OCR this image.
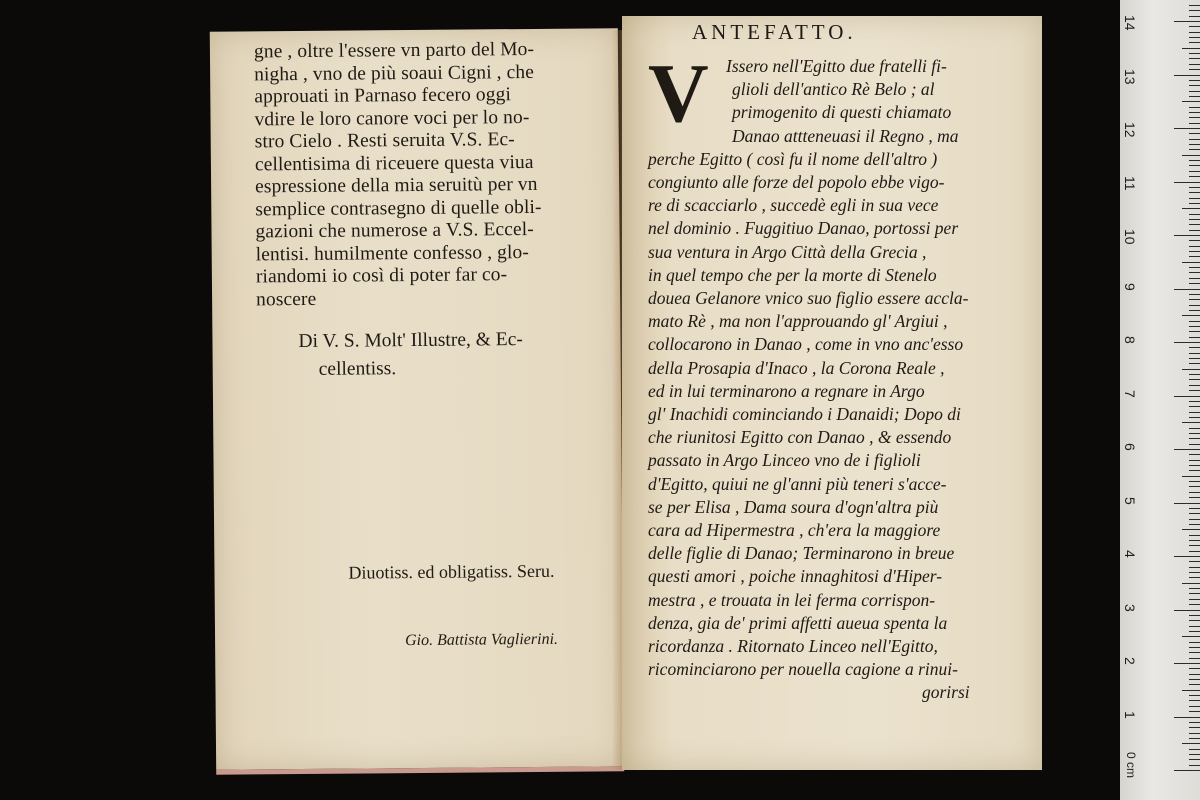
gne , oltre l'essere vn parto del Mo-
nigha , vno de più soaui Cigni , che
approuati in Parnaso fecero oggi
vdire le loro canore voci per lo no-
stro Cielo . Resti seruita V.S. Ec-
cellentisima di riceuere questa viua
espressione della mia seruitù per vn
semplice contrasegno di quelle obli-
gazioni che numerose a V.S. Eccel-
lentisi. humilmente confesso , glo-
riandomi io così di poter far co-
noscere
Di V. S. Molt' Illustre, & Ec-
cellentiss.
Diuotiss. ed obligatiss. Seru.
Gio. Battista Vaglierini.
ANTEFATTO.
V Issero nell'Egitto due fratelli fi-
glioli dell'antico Rè Belo ; al
primogenito di questi chiamato
Danao attteneuasi il Regno , ma
perche Egitto ( così fu il nome dell'altro )
congiunto alle forze del popolo ebbe vigo-
re di scacciarlo , succedè egli in sua vece
nel dominio . Fuggitiuo Danao, portossi per
sua ventura in Argo Città della Grecia ,
in quel tempo che per la morte di Stenelo
douea Gelanore vnico suo figlio essere accla-
mato Rè , ma non l'approuando gl' Argiui ,
collocarono in Danao , come in vno anc'esso
della Prosapia d'Inaco , la Corona Reale ,
ed in lui terminarono a regnare in Argo
gl' Inachidi cominciando i Danaidi; Dopo di
che riunitosi Egitto con Danao , & essendo
passato in Argo Linceo vno de i figlioli
d'Egitto, quiui ne gl'anni più teneri s'acce-
se per Elisa , Dama soura d'ogn'altra più
cara ad Hipermestra , ch'era la maggiore
delle figlie di Danao; Terminarono in breue
questi amori , poiche innaghitosi d'Hiper-
mestra , e trouata in lei ferma corrispon-
denza, gia de' primi affetti aueua spenta la
ricordanza . Ritornato Linceo nell'Egitto,
ricominciarono per nouella cagione a rinui-
gorirsi
1
2
3
4
5
6
7
8
9
10
11
12
13
14
0 cm
